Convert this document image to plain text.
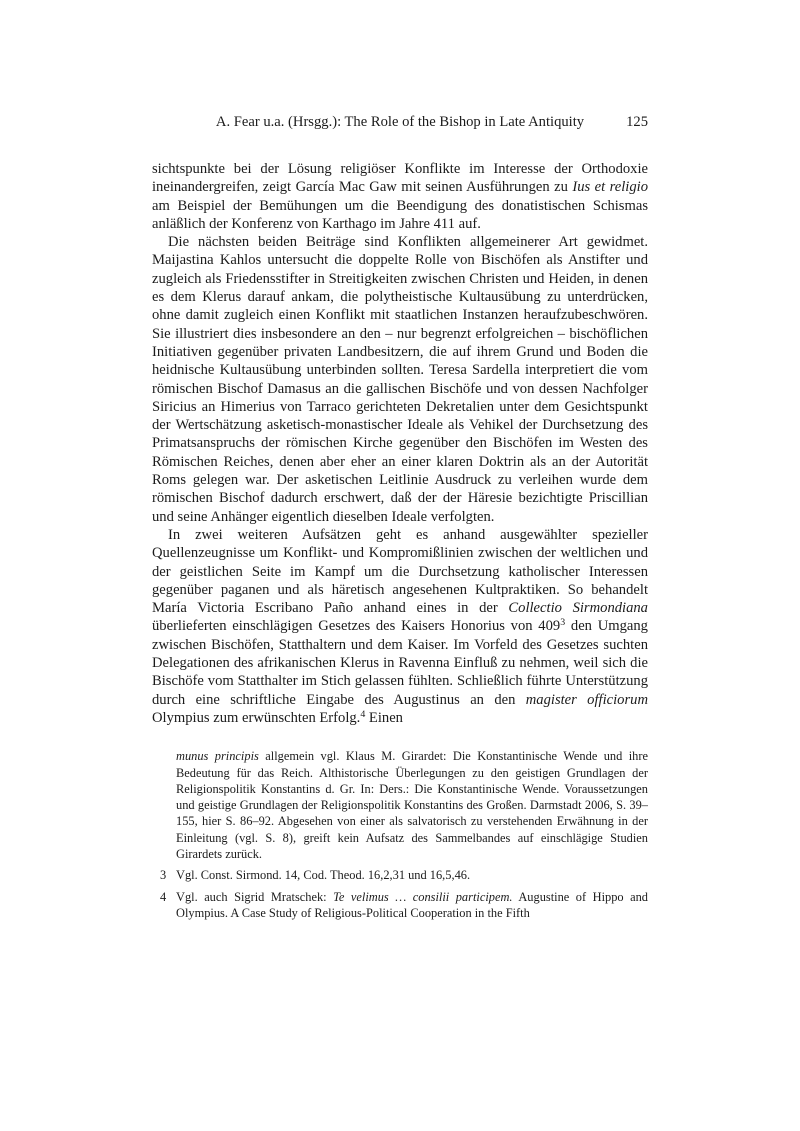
A. Fear u.a. (Hrsgg.): The Role of the Bishop in Late Antiquity	125

sichtspunkte bei der Lösung religiöser Konflikte im Interesse der Orthodoxie ineinandergreifen, zeigt García Mac Gaw mit seinen Ausführungen zu Ius et religio am Beispiel der Bemühungen um die Beendigung des donatistischen Schismas anläßlich der Konferenz von Karthago im Jahre 411 auf.

Die nächsten beiden Beiträge sind Konflikten allgemeinerer Art gewidmet. Maijastina Kahlos untersucht die doppelte Rolle von Bischöfen als Anstifter und zugleich als Friedensstifter in Streitigkeiten zwischen Christen und Heiden, in denen es dem Klerus darauf ankam, die polytheistische Kultausübung zu unterdrücken, ohne damit zugleich einen Konflikt mit staatlichen Instanzen heraufzubeschwören. Sie illustriert dies insbesondere an den – nur begrenzt erfolgreichen – bischöflichen Initiativen gegenüber privaten Landbesitzern, die auf ihrem Grund und Boden die heidnische Kultausübung unterbinden sollten. Teresa Sardella interpretiert die vom römischen Bischof Damasus an die gallischen Bischöfe und von dessen Nachfolger Siricius an Himerius von Tarraco gerichteten Dekretalien unter dem Gesichtspunkt der Wertschätzung asketisch-monastischer Ideale als Vehikel der Durchsetzung des Primatsanspruchs der römischen Kirche gegenüber den Bischöfen im Westen des Römischen Reiches, denen aber eher an einer klaren Doktrin als an der Autorität Roms gelegen war. Der asketischen Leitlinie Ausdruck zu verleihen wurde dem römischen Bischof dadurch erschwert, daß der der Häresie bezichtigte Priscillian und seine Anhänger eigentlich dieselben Ideale verfolgten.

In zwei weiteren Aufsätzen geht es anhand ausgewählter spezieller Quellenzeugnisse um Konflikt- und Kompromißlinien zwischen der weltlichen und der geistlichen Seite im Kampf um die Durchsetzung katholischer Interessen gegenüber paganen und als häretisch angesehenen Kultpraktiken. So behandelt María Victoria Escribano Paño anhand eines in der Collectio Sirmondiana überlieferten einschlägigen Gesetzes des Kaisers Honorius von $409^3$ den Umgang zwischen Bischöfen, Statthaltern und dem Kaiser. Im Vorfeld des Gesetzes suchten Delegationen des afrikanischen Klerus in Ravenna Einfluß zu nehmen, weil sich die Bischöfe vom Statthalter im Stich gelassen fühlten. Schließlich führte Unterstützung durch eine schriftliche Eingabe des Augustinus an den magister officiorum Olympius zum erwünschten Erfolg.$^4$ Einen

munus principis allgemein vgl. Klaus M. Girardet: Die Konstantinische Wende und ihre Bedeutung für das Reich. Althistorische Überlegungen zu den geistigen Grundlagen der Religionspolitik Konstantins d. Gr. In: Ders.: Die Konstantinische Wende. Voraussetzungen und geistige Grundlagen der Religionspolitik Konstantins des Großen. Darmstadt 2006, S. 39–155, hier S. 86–92. Abgesehen von einer als salvatorisch zu verstehenden Erwähnung in der Einleitung (vgl. S. 8), greift kein Aufsatz des Sammelbandes auf einschlägige Studien Girardets zurück.
3 Vgl. Const. Sirmond. 14, Cod. Theod. 16,2,31 und 16,5,46.
4 Vgl. auch Sigrid Mratschek: Te velimus … consilii participem. Augustine of Hippo and Olympius. A Case Study of Religious-Political Cooperation in the Fifth
